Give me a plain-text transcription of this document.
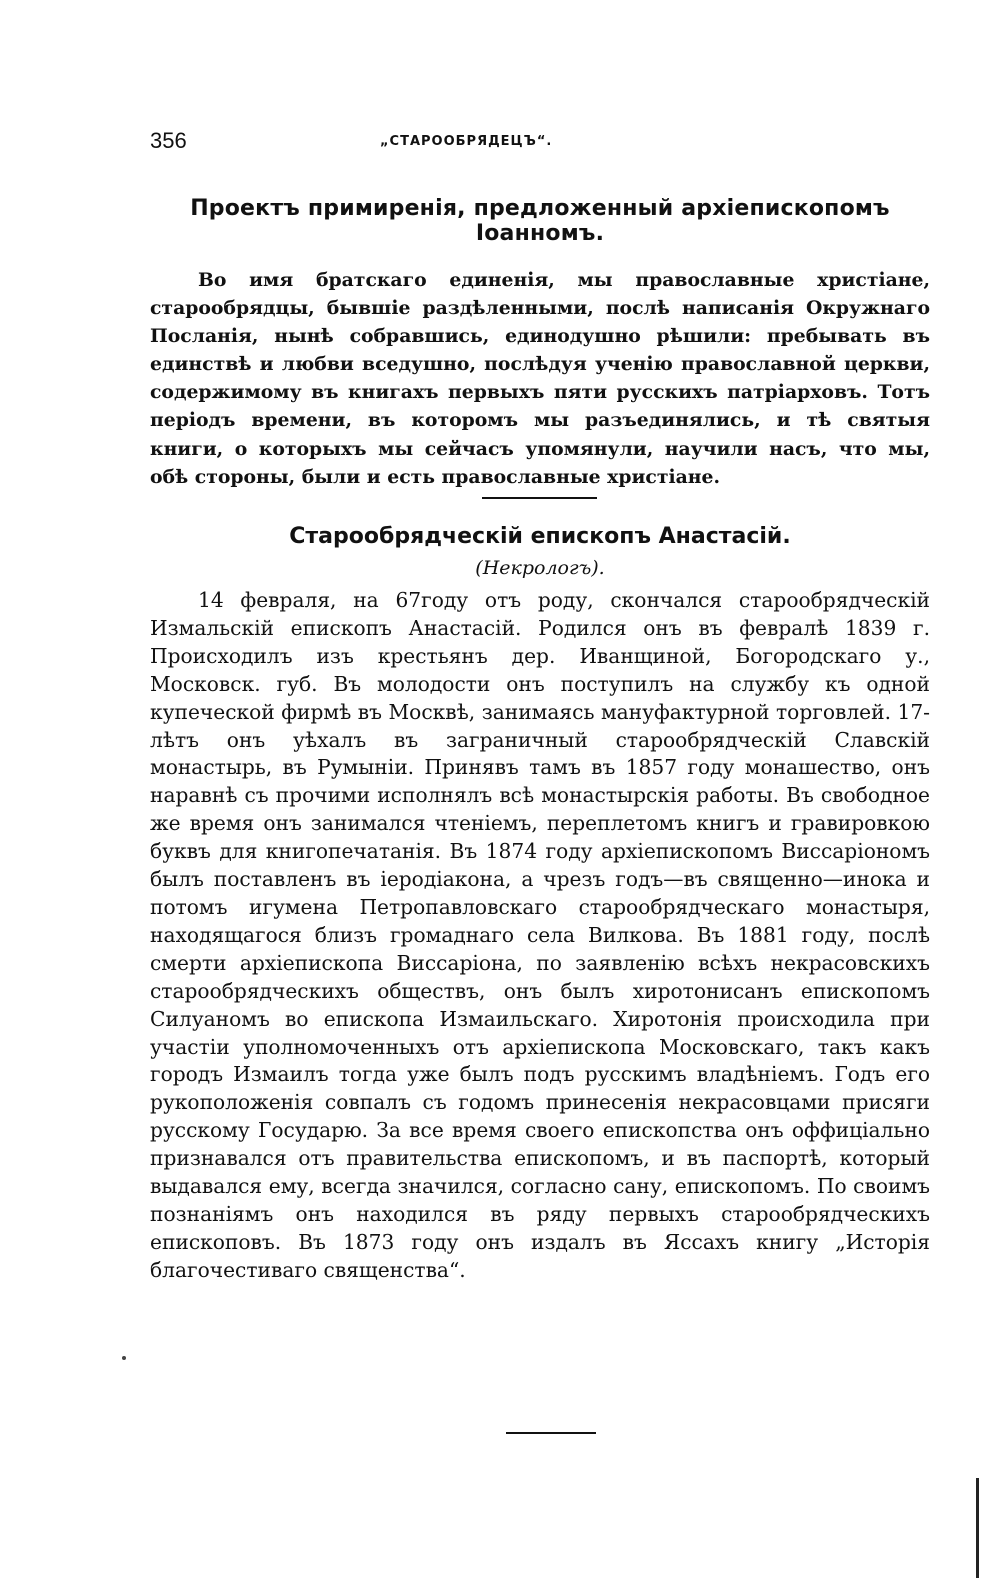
356	„СТАРООБРЯДЕЦЪ“.
Проектъ примиренія, предложенный архіепископомъ Іоанномъ.

Во имя братскаго единенія, мы православные христіане, старообрядцы, бывшіе раздѣленными, послѣ написанія Окружнаго Посланія, нынѣ собравшись, единодушно рѣшили: пребывать въ единствѣ и любви вседушно, послѣдуя ученію православной церкви, содержимому въ книгахъ первыхъ пяти русскихъ патріарховъ. Тотъ періодъ времени, въ которомъ мы разъединялись, и тѣ святыя книги, о которыхъ мы сейчасъ упомянули, научили насъ, что мы, обѣ стороны, были и есть православные христіане.

Старообрядческій епископъ Анастасій.
(Некрологъ).

14 февраля, на 67году отъ роду, скончался старообрядческій Измальскій епископъ Анастасій. Родился онъ въ февралѣ 1839 г. Происходилъ изъ крестьянъ дер. Иванщиной, Богородскаго у., Московск. губ. Въ молодости онъ поступилъ на службу къ одной купеческой фирмѣ въ Москвѣ, занимаясь мануфактурной торговлей. 17-лѣтъ онъ уѣхалъ въ заграничный старообрядческій Славскій монастырь, въ Румыніи. Принявъ тамъ въ 1857 году монашество, онъ наравнѣ съ прочими исполнялъ всѣ монастырскія работы. Въ свободное же время онъ занимался чтеніемъ, переплетомъ книгъ и гравировкою буквъ для книгопечатанія. Въ 1874 году архіепископомъ Виссаріономъ былъ поставленъ въ іеродіакона, а чрезъ годъ—въ священно—инока и потомъ игумена Петропавловскаго старообрядческаго монастыря, находящагося близъ громаднаго села Вилкова. Въ 1881 году, послѣ смерти архіепископа Виссаріона, по заявленію всѣхъ некрасовскихъ старообрядческихъ обществъ, онъ былъ хиротонисанъ епископомъ Силуаномъ во епископа Измаильскаго. Хиротонія происходила при участіи уполномоченныхъ отъ архіепископа Московскаго, такъ какъ городъ Измаилъ тогда уже былъ подъ русскимъ владѣніемъ. Годъ его рукоположенія совпалъ съ годомъ принесенія некрасовцами присяги русскому Государю. За все время своего епископства онъ оффиціально признавался отъ правительства епископомъ, и въ паспортѣ, который выдавался ему, всегда значился, согласно сану, епископомъ. По своимъ познаніямъ онъ находился въ ряду первыхъ старообрядческихъ епископовъ. Въ 1873 году онъ издалъ въ Яссахъ книгу „Исторія благочестиваго священства“.
